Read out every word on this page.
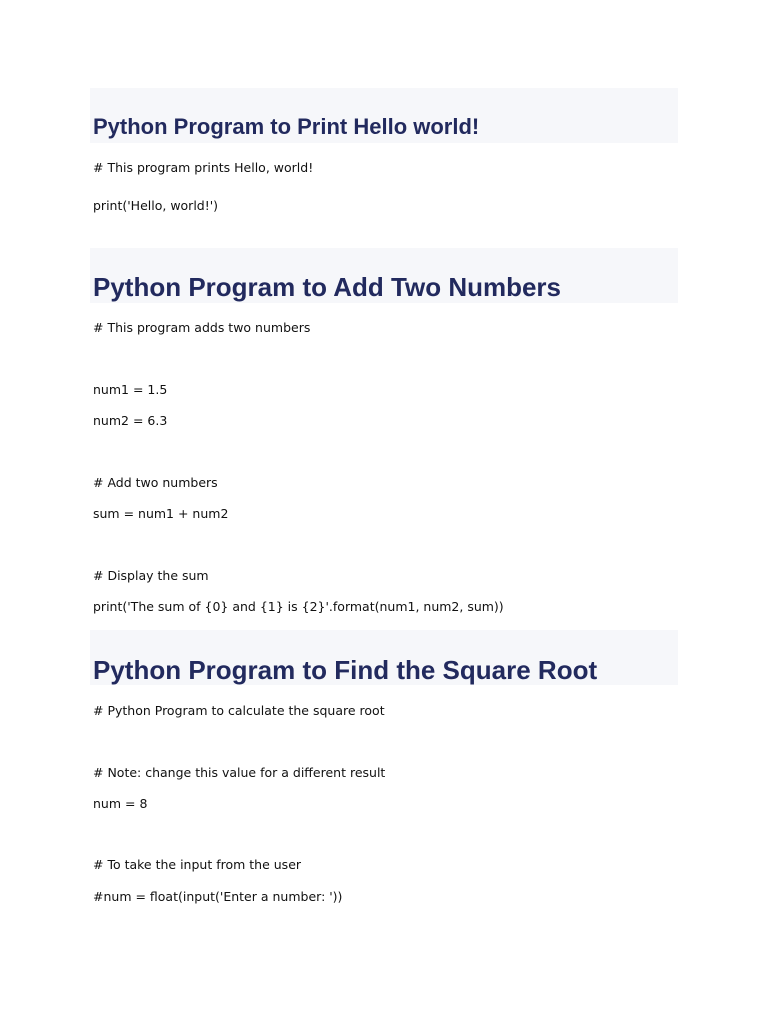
Python Program to Print Hello world!
# This program prints Hello, world!
print('Hello, world!')
Python Program to Add Two Numbers
# This program adds two numbers
num1 = 1.5
num2 = 6.3
# Add two numbers
sum = num1 + num2
# Display the sum
print('The sum of {0} and {1} is {2}'.format(num1, num2, sum))
Python Program to Find the Square Root
# Python Program to calculate the square root
# Note: change this value for a different result
num = 8
# To take the input from the user
#num = float(input('Enter a number: '))
